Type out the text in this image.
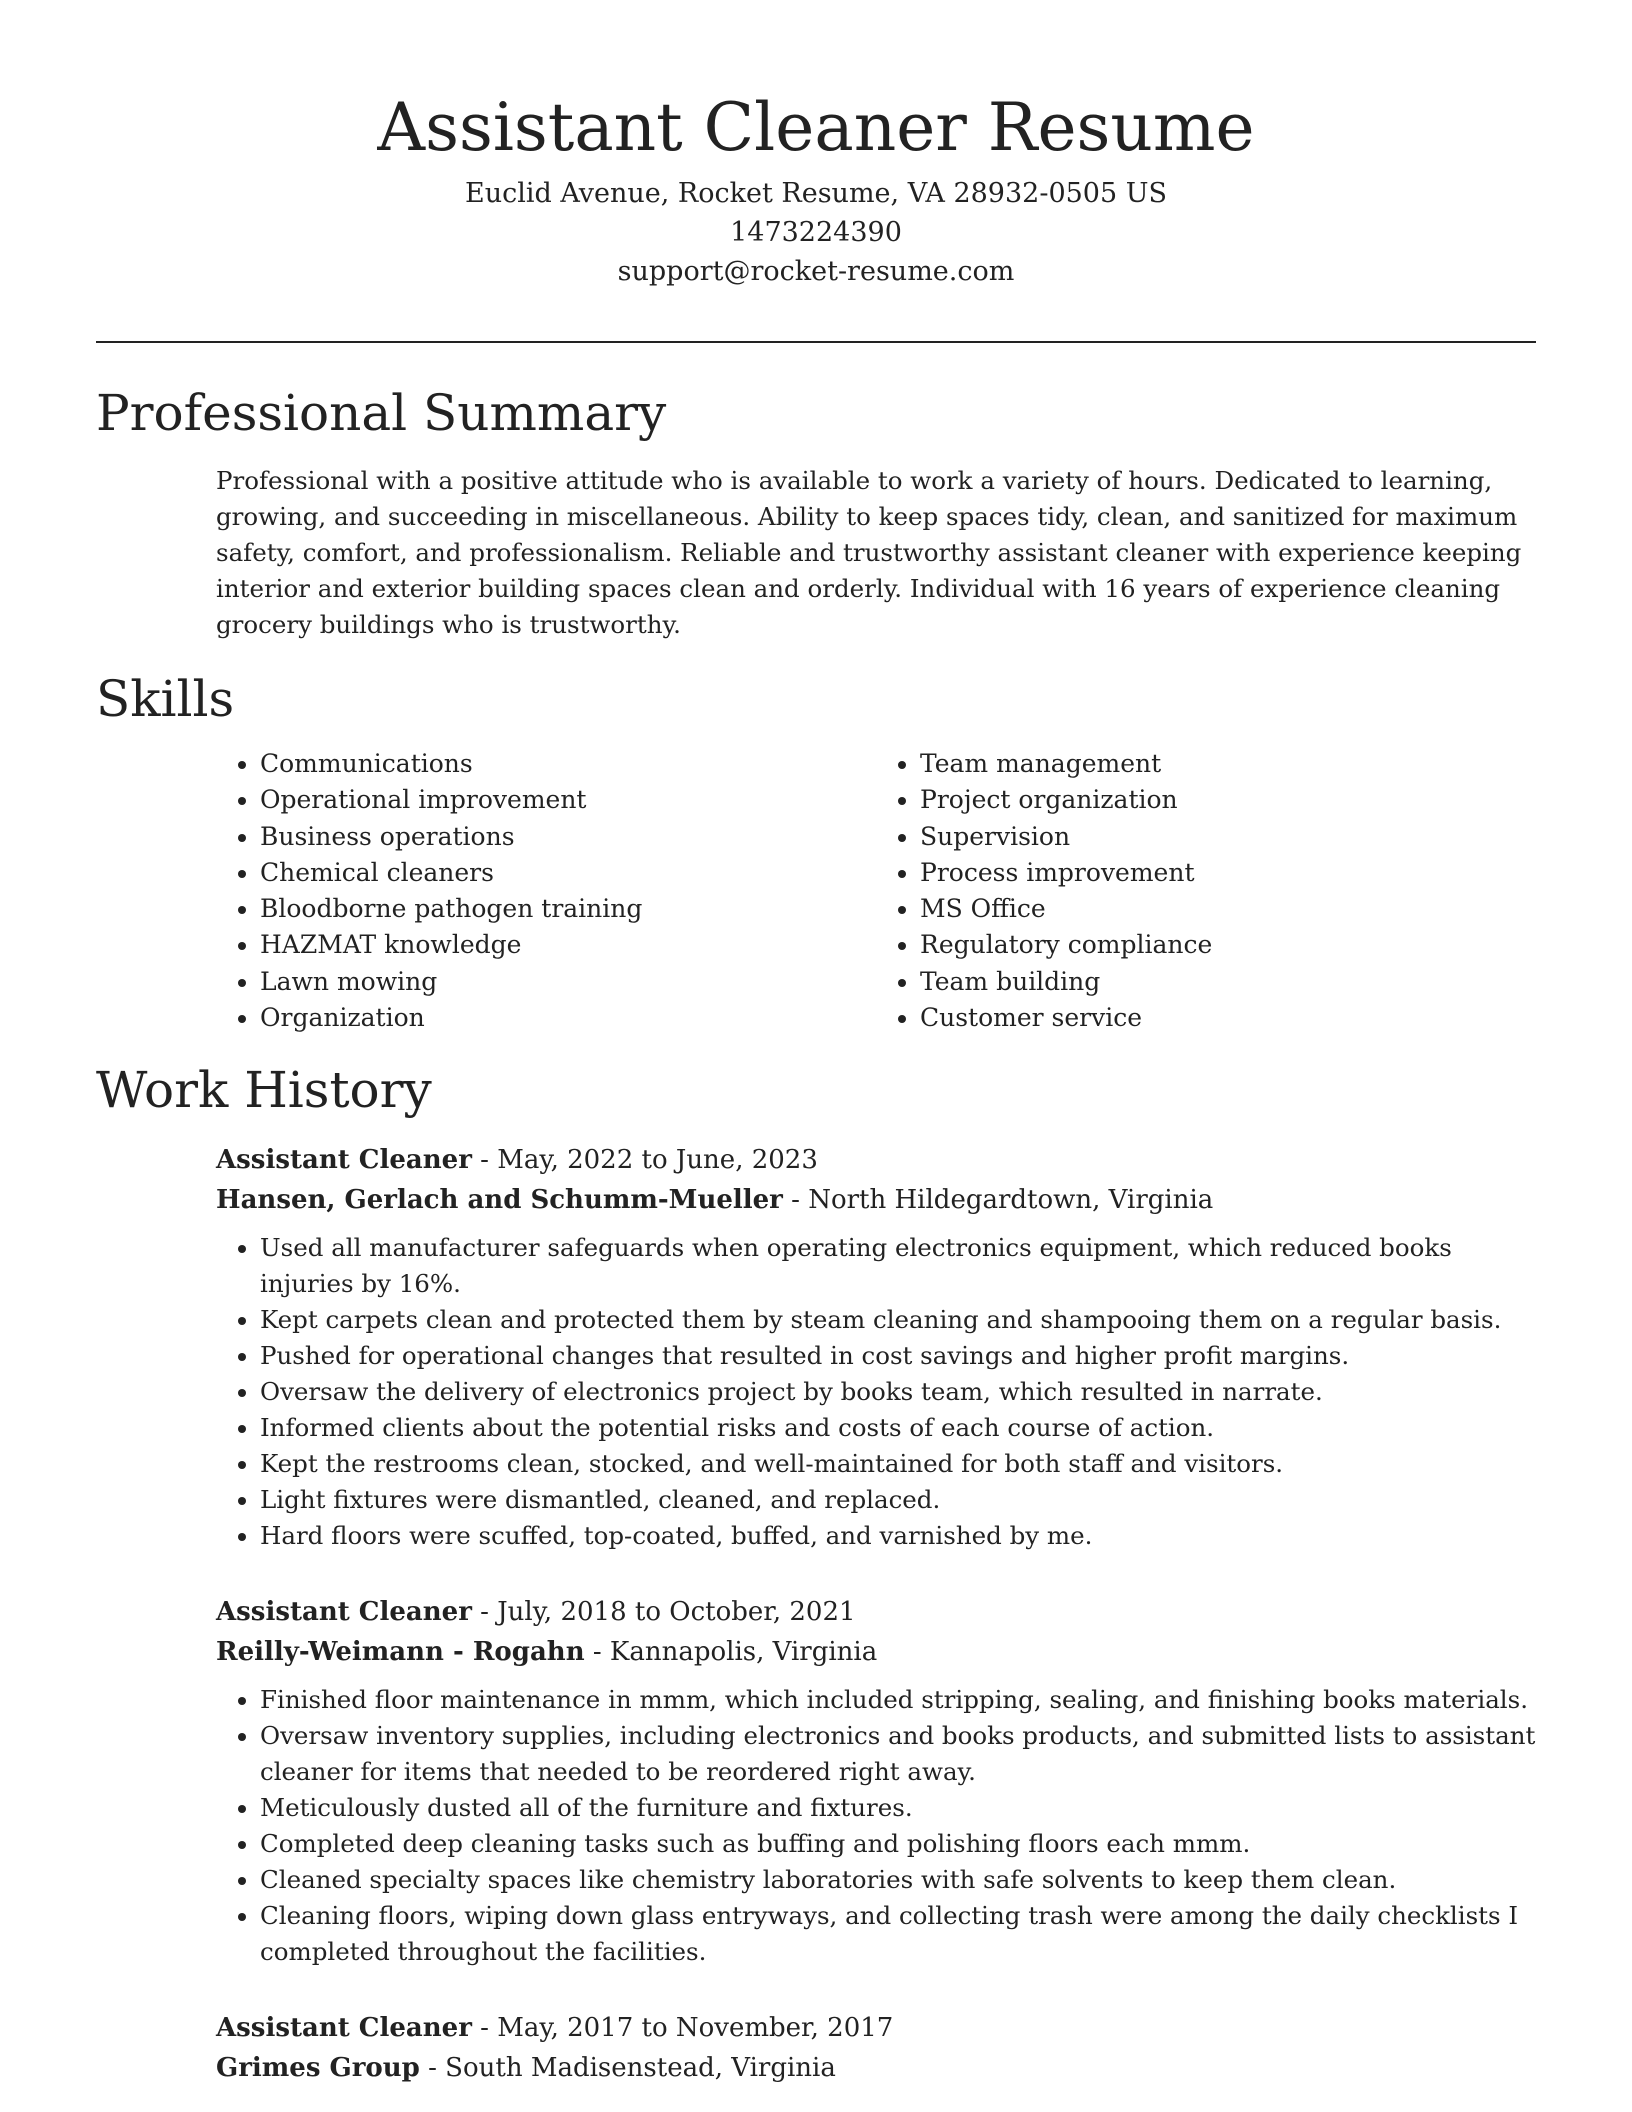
Assistant Cleaner Resume
Euclid Avenue, Rocket Resume, VA 28932-0505 US
1473224390
support@rocket-resume.com
Professional Summary

Professional with a positive attitude who is available to work a variety of hours. Dedicated to learning, growing, and succeeding in miscellaneous. Ability to keep spaces tidy, clean, and sanitized for maximum safety, comfort, and professionalism. Reliable and trustworthy assistant cleaner with experience keeping interior and exterior building spaces clean and orderly. Individual with 16 years of experience cleaning grocery buildings who is trustworthy.

Skills
• Communications
• Operational improvement
• Business operations
• Chemical cleaners
• Bloodborne pathogen training
• HAZMAT knowledge
• Lawn mowing
• Organization
• Team management
• Project organization
• Supervision
• Process improvement
• MS Office
• Regulatory compliance
• Team building
• Customer service
Work History
Assistant Cleaner - May, 2022 to June, 2023
Hansen, Gerlach and Schumm-Mueller - North Hildegardtown, Virginia
• Used all manufacturer safeguards when operating electronics equipment, which reduced books injuries by 16%.
• Kept carpets clean and protected them by steam cleaning and shampooing them on a regular basis.
• Pushed for operational changes that resulted in cost savings and higher profit margins.
• Oversaw the delivery of electronics project by books team, which resulted in narrate.
• Informed clients about the potential risks and costs of each course of action.
• Kept the restrooms clean, stocked, and well-maintained for both staff and visitors.
• Light fixtures were dismantled, cleaned, and replaced.
• Hard floors were scuffed, top-coated, buffed, and varnished by me.
Assistant Cleaner - July, 2018 to October, 2021
Reilly-Weimann - Rogahn - Kannapolis, Virginia
• Finished floor maintenance in mmm, which included stripping, sealing, and finishing books materials.
• Oversaw inventory supplies, including electronics and books products, and submitted lists to assistant cleaner for items that needed to be reordered right away.
• Meticulously dusted all of the furniture and fixtures.
• Completed deep cleaning tasks such as buffing and polishing floors each mmm.
• Cleaned specialty spaces like chemistry laboratories with safe solvents to keep them clean.
• Cleaning floors, wiping down glass entryways, and collecting trash were among the daily checklists I completed throughout the facilities.
Assistant Cleaner - May, 2017 to November, 2017
Grimes Group - South Madisenstead, Virginia
